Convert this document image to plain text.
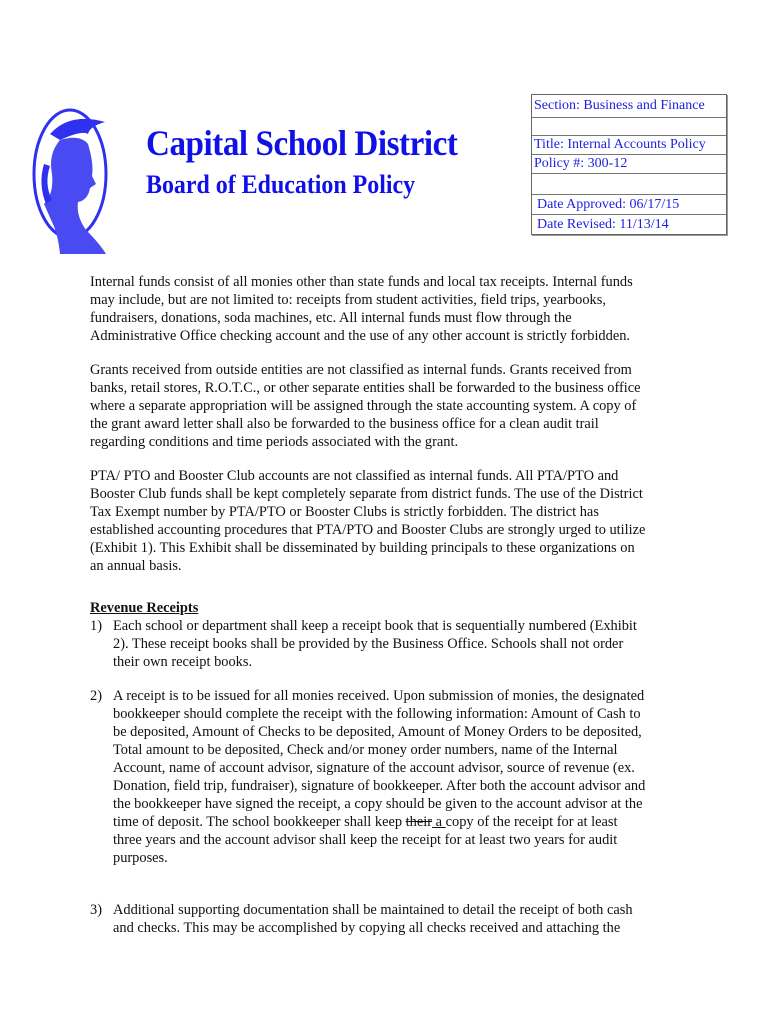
Capital School District
Board of Education Policy
Section: Business and Finance
Title: Internal Accounts Policy
Policy #: 300-12
Date Approved: 06/17/15
Date Revised: 11/13/14
Internal funds consist of all monies other than state funds and local tax receipts. Internal funds
may include, but are not limited to: receipts from student activities, field trips, yearbooks,
fundraisers, donations, soda machines, etc. All internal funds must flow through the
Administrative Office checking account and the use of any other account is strictly forbidden.
Grants received from outside entities are not classified as internal funds. Grants received from
banks, retail stores, R.O.T.C., or other separate entities shall be forwarded to the business office
where a separate appropriation will be assigned through the state accounting system. A copy of
the grant award letter shall also be forwarded to the business office for a clean audit trail
regarding conditions and time periods associated with the grant.
PTA/ PTO and Booster Club accounts are not classified as internal funds. All PTA/PTO and
Booster Club funds shall be kept completely separate from district funds. The use of the District
Tax Exempt number by PTA/PTO or Booster Clubs is strictly forbidden. The district has
established accounting procedures that PTA/PTO and Booster Clubs are strongly urged to utilize
(Exhibit 1). This Exhibit shall be disseminated by building principals to these organizations on
an annual basis.
Revenue Receipts
1) Each school or department shall keep a receipt book that is sequentially numbered (Exhibit
2). These receipt books shall be provided by the Business Office. Schools shall not order
their own receipt books.
2) A receipt is to be issued for all monies received. Upon submission of monies, the designated
bookkeeper should complete the receipt with the following information: Amount of Cash to
be deposited, Amount of Checks to be deposited, Amount of Money Orders to be deposited,
Total amount to be deposited, Check and/or money order numbers, name of the Internal
Account, name of account advisor, signature of the account advisor, source of revenue (ex.
Donation, field trip, fundraiser), signature of bookkeeper. After both the account advisor and
the bookkeeper have signed the receipt, a copy should be given to the account advisor at the
time of deposit. The school bookkeeper shall keep their a copy of the receipt for at least
three years and the account advisor shall keep the receipt for at least two years for audit
purposes.
3) Additional supporting documentation shall be maintained to detail the receipt of both cash
and checks. This may be accomplished by copying all checks received and attaching the
